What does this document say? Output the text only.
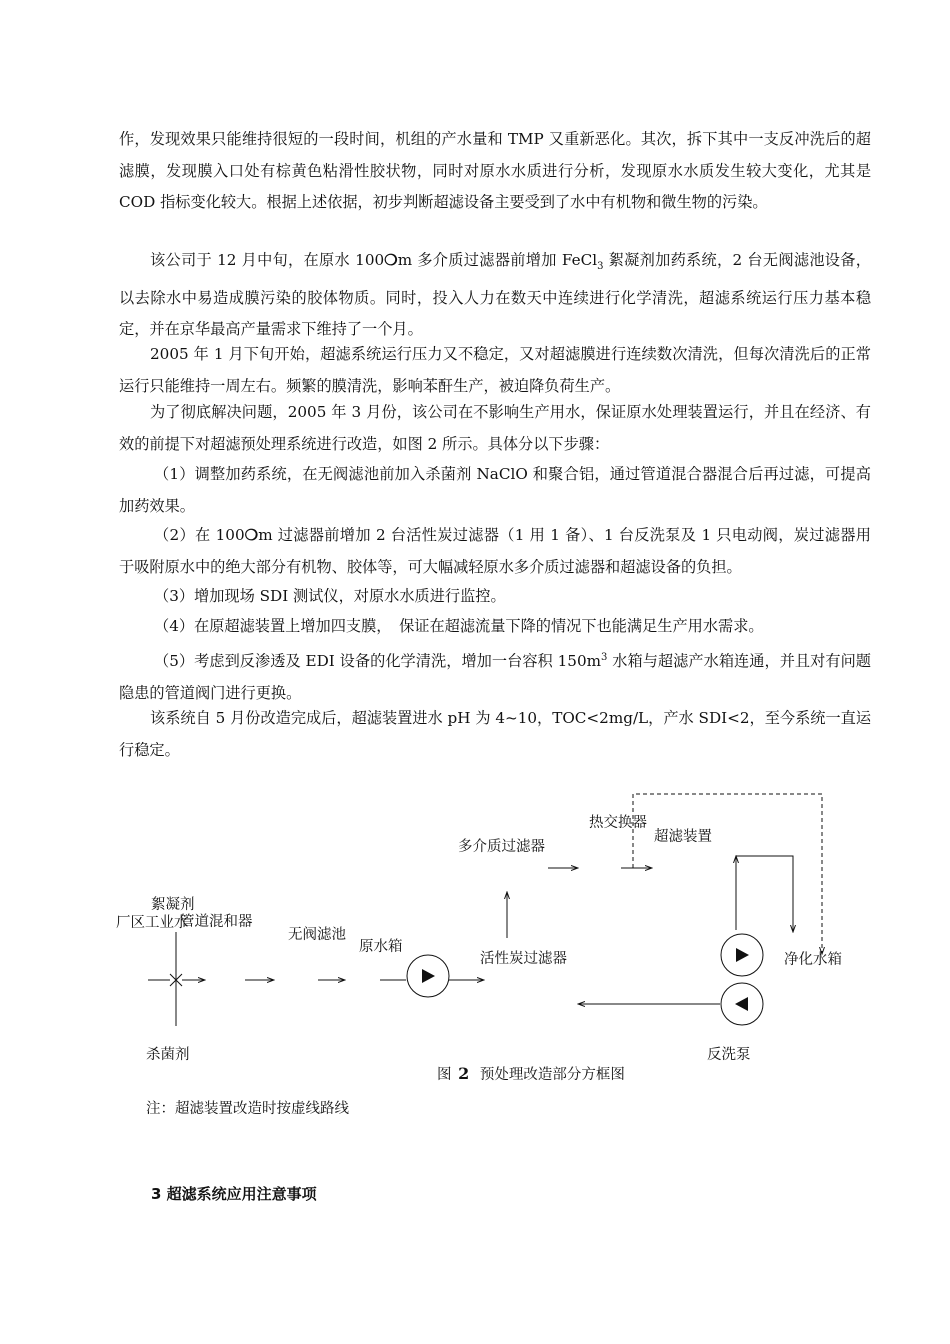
作，发现效果只能维持很短的一段时间，机组的产水量和 TMP 又重新恶化。其次，拆下其中一支反冲洗后的超滤膜，发现膜入口处有棕黄色粘滑性胶状物，同时对原水水质进行分析，发现原水水质发生较大变化，尤其是 COD 指标变化较大。根据上述依据，初步判断超滤设备主要受到了水中有机物和微生物的污染。

该公司于 12 月中旬，在原水 100❍m 多介质过滤器前增加 FeCl$_3$ 絮凝剂加药系统，2 台无阀滤池设备，以去除水中易造成膜污染的胶体物质。同时，投入人力在数天中连续进行化学清洗，超滤系统运行压力基本稳定，并在京华最高产量需求下维持了一个月。

2005 年 1 月下旬开始，超滤系统运行压力又不稳定，又对超滤膜进行连续数次清洗，但每次清洗后的正常运行只能维持一周左右。频繁的膜清洗，影响苯酐生产，被迫降负荷生产。

为了彻底解决问题，2005 年 3 月份，该公司在不影响生产用水，保证原水处理装置运行，并且在经济、有效的前提下对超滤预处理系统进行改造，如图 2 所示。具体分以下步骤：

（1）调整加药系统，在无阀滤池前加入杀菌剂 NaClO 和聚合铝，通过管道混合器混合后再过滤，可提高加药效果。

（2）在 100❍m 过滤器前增加 2 台活性炭过滤器（1 用 1 备）、1 台反洗泵及 1 只电动阀，炭过滤器用于吸附原水中的绝大部分有机物、胶体等，可大幅减轻原水多介质过滤器和超滤设备的负担。

（3）增加现场 SDI 测试仪，对原水水质进行监控。

（4）在原超滤装置上增加四支膜，　保证在超滤流量下降的情况下也能满足生产用水需求。

（5）考虑到反渗透及 EDI 设备的化学清洗，增加一台容积 $150m^3$ 水箱与超滤产水箱连通，并且对有问题隐患的管道阀门进行更换。

该系统自 5 月份改造完成后，超滤装置进水 pH 为 4~10，TOC<2mg/L，产水 SDI<2，至今系统一直运行稳定。

絮凝剂
厂区工业水
管道混和器
无阀滤池
原水箱
活性炭过滤器
多介质过滤器
热交换器
超滤装置
净化水箱
杀菌剂	反洗泵
图 2 预处理改造部分方框图
注：超滤装置改造时按虚线路线
3 超滤系统应用注意事项
